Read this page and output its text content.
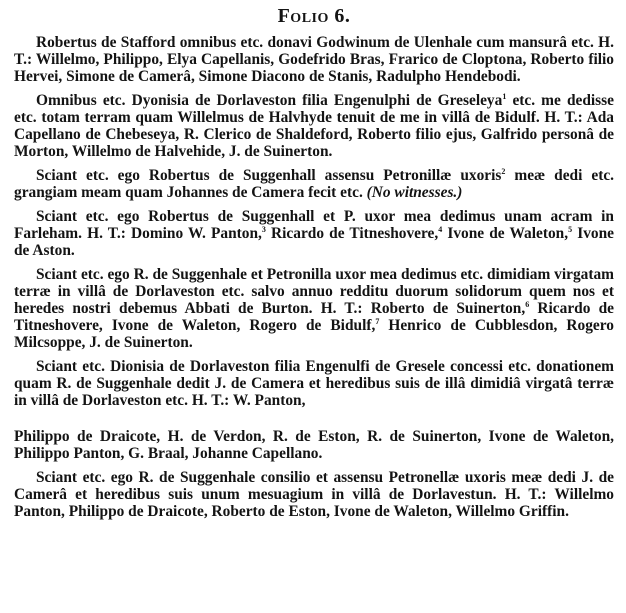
Folio 6.

Robertus de Stafford omnibus etc. donavi Godwinum de Ulenhale cum mansurâ etc. H. T.: Willelmo, Philippo, Elya Capellanis, Godefrido Bras, Frarico de Cloptona, Roberto filio Hervei, Simone de Camerâ, Simone Diacono de Stanis, Radulpho Hendebodi.

Omnibus etc. Dyonisia de Dorlaveston filia Engenulphi de Greseleya$^1$ etc. me dedisse etc. totam terram quam Willelmus de Halvhyde tenuit de me in villâ de Bidulf. H. T.: Ada Capellano de Chebeseya, R. Clerico de Shaldeford, Roberto filio ejus, Galfrido personâ de Morton, Willelmo de Halvehide, J. de Suinerton.

Sciant etc. ego Robertus de Suggenhall assensu Petronillæ uxoris$^2$ meæ dedi etc. grangiam meam quam Johannes de Camera fecit etc. (No witnesses.)

Sciant etc. ego Robertus de Suggenhall et P. uxor mea dedimus unam acram in Farleham. H. T.: Domino W. Panton,$^3$ Ricardo de Titneshovere,$^4$ Ivone de Waleton,$^5$ Ivone de Aston.

Sciant etc. ego R. de Suggenhale et Petronilla uxor mea dedimus etc. dimidiam virgatam terræ in villâ de Dorlaveston etc. salvo annuo redditu duorum solidorum quem nos et heredes nostri debemus Abbati de Burton. H. T.: Roberto de Suinerton,$^6$ Ricardo de Titneshovere, Ivone de Waleton, Rogero de Bidulf,$^7$ Henrico de Cubblesdon, Rogero Milcsoppe, J. de Suinerton.

Sciant etc. Dionisia de Dorlaveston filia Engenulfi de Gresele concessi etc. donationem quam R. de Suggenhale dedit J. de Camera et heredibus suis de illâ dimidiâ virgatâ terræ in villâ de Dorlaveston etc. H. T.: W. Panton,

Philippo de Draicote, H. de Verdon, R. de Eston, R. de Suinerton, Ivone de Waleton, Philippo Panton, G. Braal, Johanne Capellano.

Sciant etc. ego R. de Suggenhale consilio et assensu Petronellæ uxoris meæ dedi J. de Camerâ et heredibus suis unum mesuagium in villâ de Dorlavestun. H. T.: Willelmo Panton, Philippo de Draicote, Roberto de Eston, Ivone de Waleton, Willelmo Griffin.
